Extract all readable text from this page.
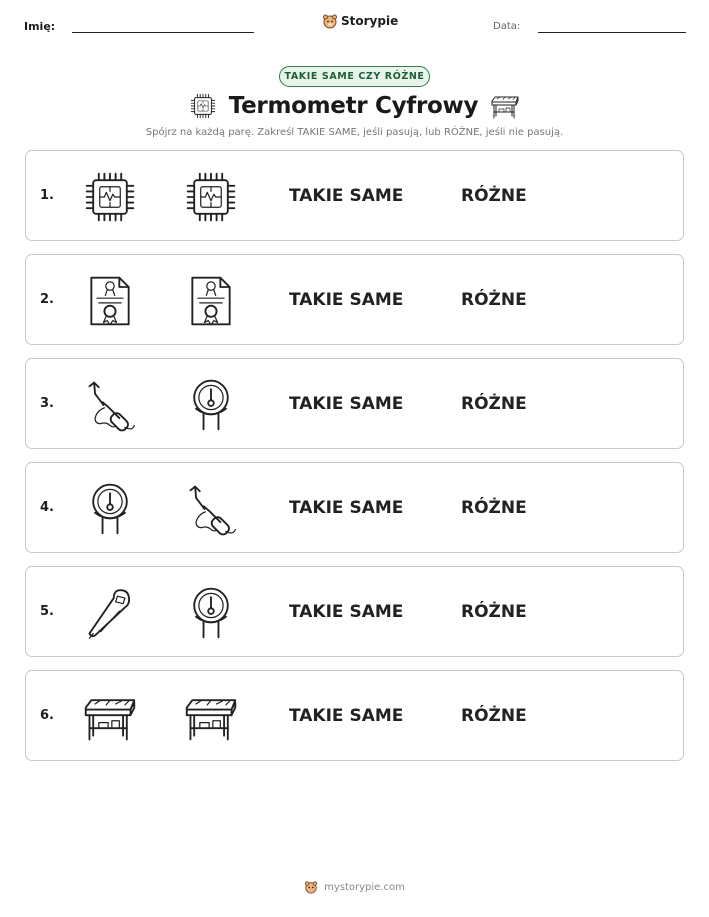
Imię:	Storypie	Data:
TAKIE SAME CZY RÓŻNE
Termometr Cyfrowy
Spójrz na każdą parę. Zakreśl TAKIE SAME, jeśli pasują, lub RÓŻNE, jeśli nie pasują.
1.	TAKIE SAME	RÓŻNE
2.	TAKIE SAME	RÓŻNE
3.	TAKIE SAME	RÓŻNE
4.	TAKIE SAME	RÓŻNE
5.	TAKIE SAME	RÓŻNE
6.	TAKIE SAME	RÓŻNE
mystorypie.com
